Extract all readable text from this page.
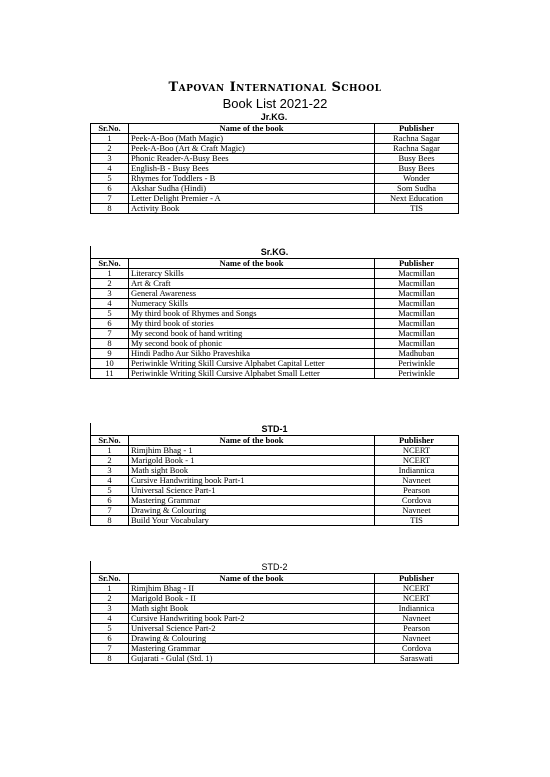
Tapovan International School
Book List 2021-22
Jr.KG.
Sr.No.	Name of the book	Publisher
1	Peek-A-Boo (Math Magic)	Rachna Sagar
2	Peek-A-Boo (Art & Craft Magic)	Rachna Sagar
3	Phonic Reader-A-Busy Bees	Busy Bees
4	English-B - Busy Bees	Busy Bees
5	Rhymes for Toddlers - B	Wonder
6	Akshar Sudha (Hindi)	Som Sudha
7	Letter Delight Premier - A	Next Education
8	Activity Book	TIS
Sr.KG.
Sr.No.	Name of the book	Publisher
1	Literarcy Skills	Macmillan
2	Art & Craft	Macmillan
3	General Awareness	Macmillan
4	Numeracy Skills	Macmillan
5	My third book of Rhymes and Songs	Macmillan
6	My third book of stories	Macmillan
7	My second book of hand writing	Macmillan
8	My second book of phonic	Macmillan
9	Hindi Padho Aur Sikho Praveshika	Madhuban
10	Periwinkle Writing Skill Cursive Alphabet Capital Letter	Periwinkle
11	Periwinkle Writing Skill Cursive Alphabet Small Letter	Periwinkle
STD-1
Sr.No.	Name of the book	Publisher
1	Rimjhim Bhag - 1	NCERT
2	Marigold Book - 1	NCERT
3	Math sight Book	Indiannica
4	Cursive Handwriting book Part-1	Navneet
5	Universal Science Part-1	Pearson
6	Mastering Grammar	Cordova
7	Drawing & Colouring	Navneet
8	Build Your Vocabulary	TIS
STD-2
Sr.No.	Name of the book	Publisher
1	Rimjhim Bhag - II	NCERT
2	Marigold Book - II	NCERT
3	Math sight Book	Indiannica
4	Cursive Handwriting book Part-2	Navneet
5	Universal Science Part-2	Pearson
6	Drawing & Colouring	Navneet
7	Mastering Grammar	Cordova
8	Gujarati - Gulal (Std. 1)	Saraswati
